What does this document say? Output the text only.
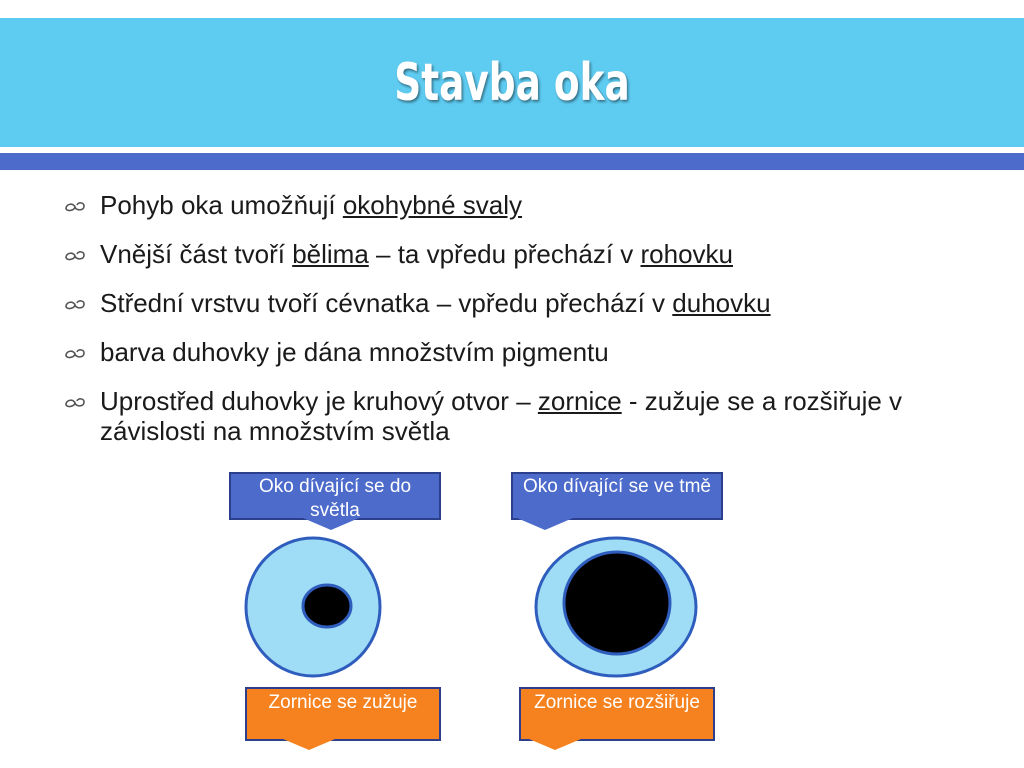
Stavba oka
Pohyb oka umožňují okohybné svaly
Vnější část tvoří bělima – ta vpředu přechází v rohovku
Střední vrstvu tvoří cévnatka – vpředu přechází v duhovku
barva duhovky je dána množstvím pigmentu
Uprostřed duhovky je kruhový otvor – zornice - zužuje se a rozšiřuje v závislosti na množstvím světla
Oko dívající se do světla
Zornice se zužuje
Oko dívající se ve tmě
Zornice se rozšiřuje
